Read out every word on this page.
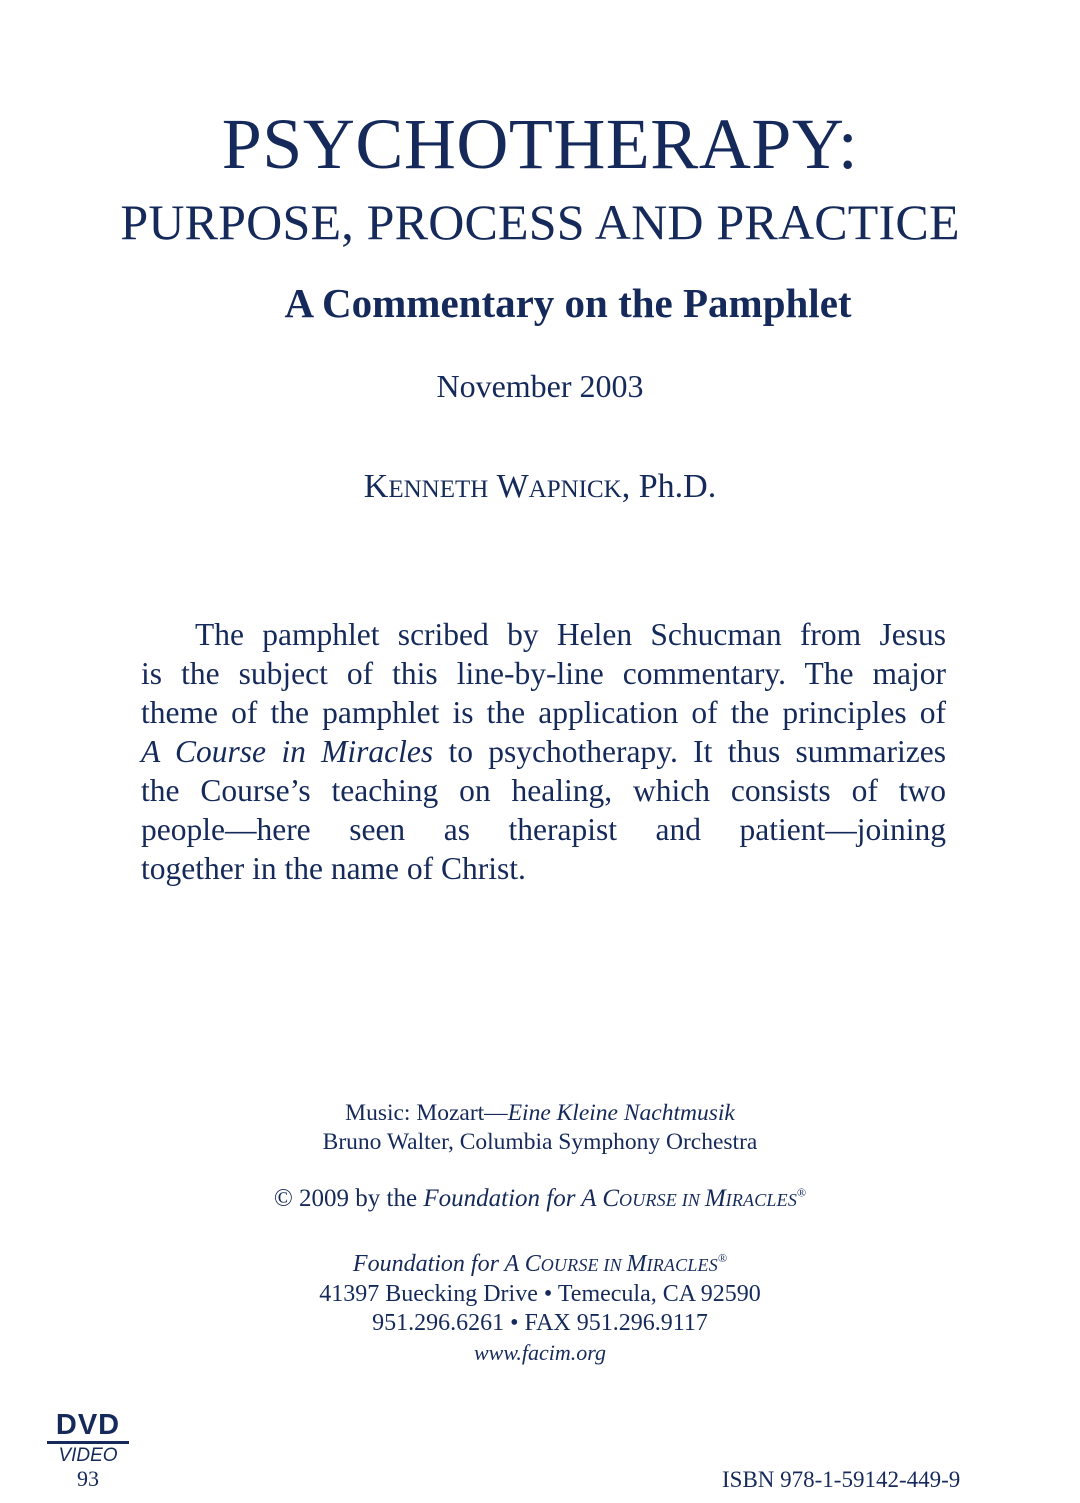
PSYCHOTHERAPY:
PURPOSE, PROCESS AND PRACTICE
A Commentary on the Pamphlet
November 2003
KENNETH WAPNICK, Ph.D.
The pamphlet scribed by Helen Schucman from Jesus
is the subject of this line-by-line commentary. The major
theme of the pamphlet is the application of the principles of
A Course in Miracles to psychotherapy. It thus summarizes
the Course’s teaching on healing, which consists of two
people—here seen as therapist and patient—joining
together in the name of Christ.
Music: Mozart—Eine Kleine Nachtmusik
Bruno Walter, Columbia Symphony Orchestra
© 2009 by the Foundation for A COURSE IN MIRACLES®
Foundation for A COURSE IN MIRACLES®
41397 Buecking Drive • Temecula, CA 92590
951.296.6261 • FAX 951.296.9117
www.facim.org
DVD
VIDEO
93	ISBN 978-1-59142-449-9
